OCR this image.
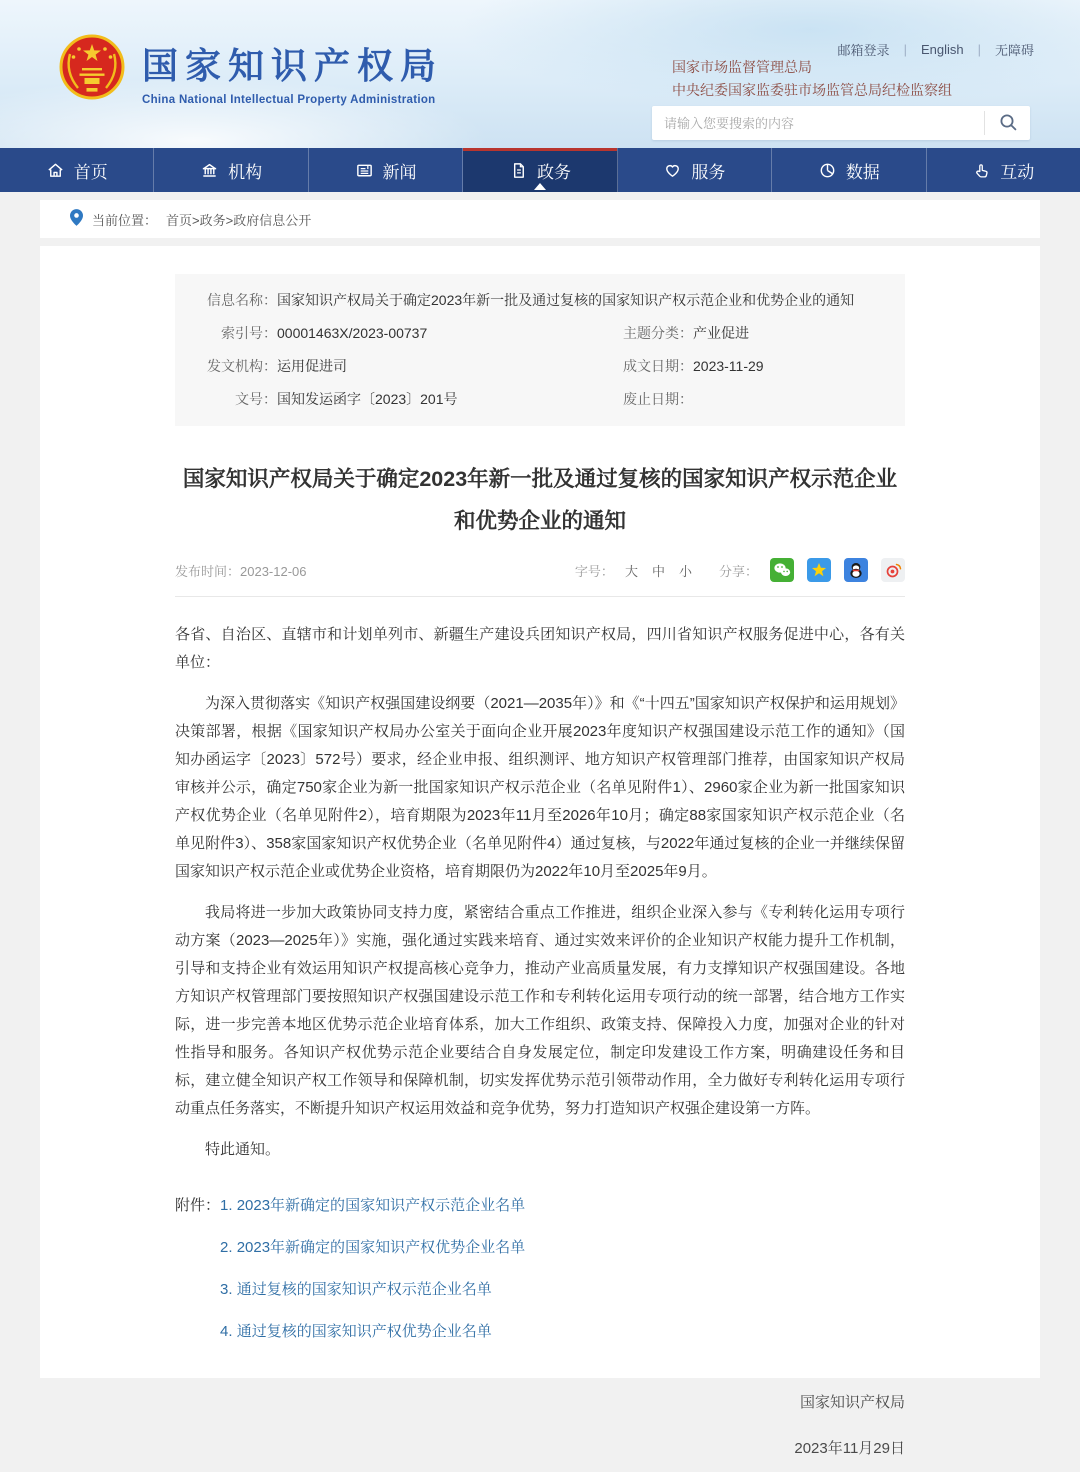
国家知识产权局
China National Intellectual Property Administration
邮箱登录 | English | 无障碍
国家市场监督管理总局
中央纪委国家监委驻市场监管总局纪检监察组
请输入您要搜索的内容
首页	机构	新闻	政务	服务	数据	互动
当前位置： 首页>政务>政府信息公开
信息名称： 国家知识产权局关于确定2023年新一批及通过复核的国家知识产权示范企业和优势企业的通知
索引号： 00001463X/2023-00737	主题分类： 产业促进
发文机构： 运用促进司	成文日期： 2023-11-29
文号： 国知发运函字〔2023〕201号	废止日期：
国家知识产权局关于确定2023年新一批及通过复核的国家知识产权示范企业
和优势企业的通知
发布时间：2023-12-06	字号： 大 中 小 分享：

各省、自治区、直辖市和计划单列市、新疆生产建设兵团知识产权局，四川省知识产权服务促进中心，各有关单位：

为深入贯彻落实《知识产权强国建设纲要（2021—2035年）》和《“十四五”国家知识产权保护和运用规划》决策部署，根据《国家知识产权局办公室关于面向企业开展2023年度知识产权强国建设示范工作的通知》（国知办函运字〔2023〕572号）要求，经企业申报、组织测评、地方知识产权管理部门推荐，由国家知识产权局审核并公示，确定750家企业为新一批国家知识产权示范企业（名单见附件1）、2960家企业为新一批国家知识产权优势企业（名单见附件2），培育期限为2023年11月至2026年10月；确定88家国家知识产权示范企业（名单见附件3）、358家国家知识产权优势企业（名单见附件4）通过复核，与2022年通过复核的企业一并继续保留国家知识产权示范企业或优势企业资格，培育期限仍为2022年10月至2025年9月。

我局将进一步加大政策协同支持力度，紧密结合重点工作推进，组织企业深入参与《专利转化运用专项行动方案（2023—2025年）》实施，强化通过实践来培育、通过实效来评价的企业知识产权能力提升工作机制，引导和支持企业有效运用知识产权提高核心竞争力，推动产业高质量发展，有力支撑知识产权强国建设。各地方知识产权管理部门要按照知识产权强国建设示范工作和专利转化运用专项行动的统一部署，结合地方工作实际，进一步完善本地区优势示范企业培育体系，加大工作组织、政策支持、保障投入力度，加强对企业的针对性指导和服务。各知识产权优势示范企业要结合自身发展定位，制定印发建设工作方案，明确建设任务和目标，建立健全知识产权工作领导和保障机制，切实发挥优势示范引领带动作用，全力做好专利转化运用专项行动重点任务落实，不断提升知识产权运用效益和竞争优势，努力打造知识产权强企建设第一方阵。

特此通知。

附件： 1. 2023年新确定的国家知识产权示范企业名单
2. 2023年新确定的国家知识产权优势企业名单
3. 通过复核的国家知识产权示范企业名单
4. 通过复核的国家知识产权优势企业名单
国家知识产权局
2023年11月29日
